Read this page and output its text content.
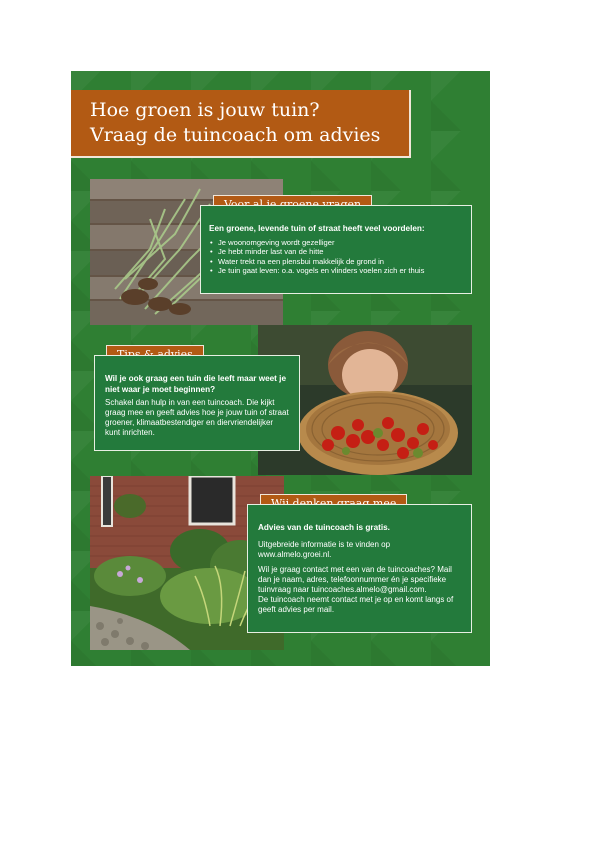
Hoe groen is jouw tuin?
Vraag de tuincoach om advies
Een groene, levende tuin of straat heeft veel voordelen:
• Je woonomgeving wordt gezelliger
• Je hebt minder last van de hitte
• Water trekt na een plensbui makkelijk de grond in
• Je tuin gaat leven: o.a. vogels en vlinders voelen zich er thuis
Wil je ook graag een tuin die leeft maar weet je niet waar je moet beginnen?

Schakel dan hulp in van een tuincoach. Die kijkt graag mee en geeft advies hoe je jouw tuin of straat groener, klimaatbestendiger en diervriendelijker kunt inrichten.

Advies van de tuincoach is gratis.

Uitgebreide informatie is te vinden op www.almelo.groei.nl.

Wil je graag contact met een van de tuincoaches? Mail dan je naam, adres, telefoonnummer én je specifieke tuinvraag naar tuincoaches.almelo@gmail.com.

De tuincoach neemt contact met je op en komt langs of geeft advies per mail.
